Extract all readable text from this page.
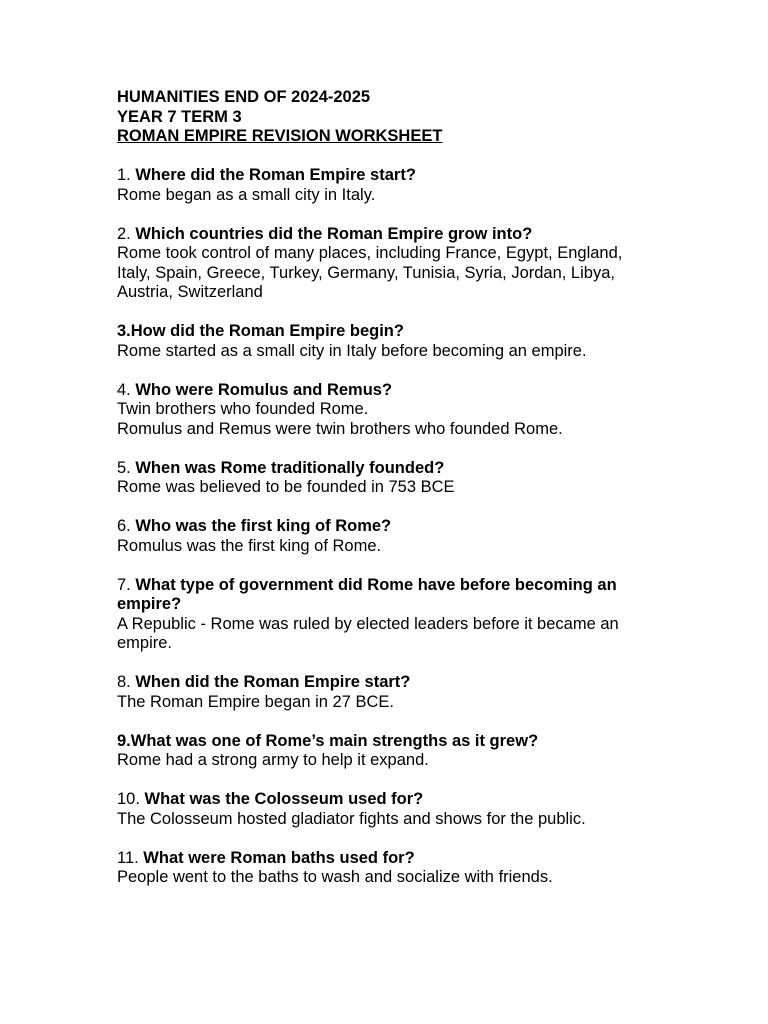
HUMANITIES END OF 2024-2025
YEAR 7 TERM 3
ROMAN EMPIRE REVISION WORKSHEET
1. Where did the Roman Empire start?
Rome began as a small city in Italy.
2. Which countries did the Roman Empire grow into?
Rome took control of many places, including France, Egypt, England, Italy, Spain, Greece, Turkey, Germany, Tunisia, Syria, Jordan, Libya, Austria, Switzerland
3.How did the Roman Empire begin?
Rome started as a small city in Italy before becoming an empire.
4. Who were Romulus and Remus?
Twin brothers who founded Rome.
Romulus and Remus were twin brothers who founded Rome.
5. When was Rome traditionally founded?
Rome was believed to be founded in 753 BCE
6. Who was the first king of Rome?
Romulus was the first king of Rome.
7. What type of government did Rome have before becoming an empire?
A Republic - Rome was ruled by elected leaders before it became an empire.
8. When did the Roman Empire start?
The Roman Empire began in 27 BCE.
9.What was one of Rome’s main strengths as it grew?
Rome had a strong army to help it expand.
10. What was the Colosseum used for?
The Colosseum hosted gladiator fights and shows for the public.
11. What were Roman baths used for?
People went to the baths to wash and socialize with friends.
